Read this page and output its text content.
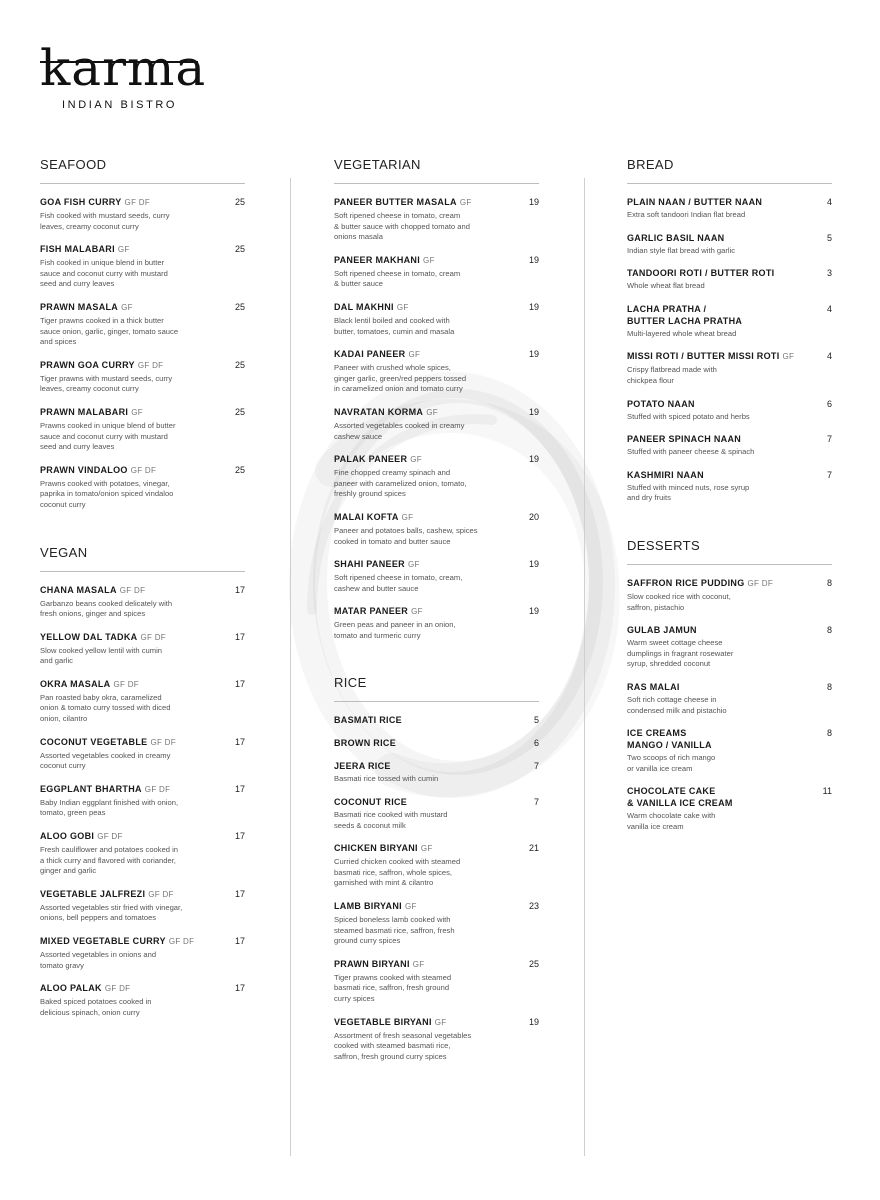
karma
INDIAN BISTRO
SEAFOOD
GOA FISH CURRY GF DF
Fish cooked with mustard seeds, curry
leaves, creamy coconut curry
25
FISH MALABARI GF
Fish cooked in unique blend in butter
sauce and coconut curry with mustard
seed and curry leaves
25
PRAWN MASALA GF
Tiger prawns cooked in a thick butter
sauce onion, garlic, ginger, tomato sauce
and spices
25
PRAWN GOA CURRY GF DF
Tiger prawns with mustard seeds, curry
leaves, creamy coconut curry
25
PRAWN MALABARI GF
Prawns cooked in unique blend of butter
sauce and coconut curry with mustard
seed and curry leaves
25
PRAWN VINDALOO GF DF
Prawns cooked with potatoes, vinegar,
paprika in tomato/onion spiced vindaloo
coconut curry
25
VEGAN
CHANA MASALA GF DF
Garbanzo beans cooked delicately with
fresh onions, ginger and spices
17
YELLOW DAL TADKA GF DF
Slow cooked yellow lentil with cumin
and garlic
17
OKRA MASALA GF DF
Pan roasted baby okra, caramelized
onion & tomato curry tossed with diced
onion, cilantro
17
COCONUT VEGETABLE GF DF
Assorted vegetables cooked in creamy
coconut curry
17
EGGPLANT BHARTHA GF DF
Baby Indian eggplant finished with onion,
tomato, green peas
17
ALOO GOBI GF DF
Fresh cauliflower and potatoes cooked in
a thick curry and flavored with coriander,
ginger and garlic
17
VEGETABLE JALFREZI GF DF
Assorted vegetables stir fried with vinegar,
onions, bell peppers and tomatoes
17
MIXED VEGETABLE CURRY GF DF
Assorted vegetables in onions and
tomato gravy
17
ALOO PALAK GF DF
Baked spiced potatoes cooked in
delicious spinach, onion curry
17
VEGETARIAN
PANEER BUTTER MASALA GF
Soft ripened cheese in tomato, cream
& butter sauce with chopped tomato and
onions masala
19
PANEER MAKHANI GF
Soft ripened cheese in tomato, cream
& butter sauce
19
DAL MAKHNI GF
Black lentil boiled and cooked with
butter, tomatoes, cumin and masala
19
KADAI PANEER GF
Paneer with crushed whole spices,
ginger garlic, green/red peppers tossed
in caramelized onion and tomato curry
19
NAVRATAN KORMA GF
Assorted vegetables cooked in creamy
cashew sauce
19
PALAK PANEER GF
Fine chopped creamy spinach and
paneer with caramelized onion, tomato,
freshly ground spices
19
MALAI KOFTA GF
Paneer and potatoes balls, cashew, spices
cooked in tomato and butter sauce
20
SHAHI PANEER GF
Soft ripened cheese in tomato, cream,
cashew and butter sauce
19
MATAR PANEER GF
Green peas and paneer in an onion,
tomato and turmeric curry
19
RICE
BASMATI RICE	5
BROWN RICE	6
JEERA RICE
Basmati rice tossed with cumin
7
COCONUT RICE
Basmati rice cooked with mustard
seeds & coconut milk
7
CHICKEN BIRYANI GF
Curried chicken cooked with steamed
basmati rice, saffron, whole spices,
garnished with mint & cilantro
21
LAMB BIRYANI GF
Spiced boneless lamb cooked with
steamed basmati rice, saffron, fresh
ground curry spices
23
PRAWN BIRYANI GF
Tiger prawns cooked with steamed
basmati rice, saffron, fresh ground
curry spices
25
VEGETABLE BIRYANI GF
Assortment of fresh seasonal vegetables
cooked with steamed basmati rice,
saffron, fresh ground curry spices
19
BREAD
PLAIN NAAN / BUTTER NAAN
Extra soft tandoori Indian flat bread
4
GARLIC BASIL NAAN
Indian style flat bread with garlic
5
TANDOORI ROTI / BUTTER ROTI
Whole wheat flat bread
3
LACHA PRATHA /
BUTTER LACHA PRATHA
Multi-layered whole wheat bread
4
MISSI ROTI / BUTTER MISSI ROTI GF
Crispy flatbread made with
chickpea flour
4
POTATO NAAN
Stuffed with spiced potato and herbs
6
PANEER SPINACH NAAN
Stuffed with paneer cheese & spinach
7
KASHMIRI NAAN
Stuffed with minced nuts, rose syrup
and dry fruits
7
DESSERTS
SAFFRON RICE PUDDING GF DF
Slow cooked rice with coconut,
saffron, pistachio
8
GULAB JAMUN
Warm sweet cottage cheese
dumplings in fragrant rosewater
syrup, shredded coconut
8
RAS MALAI
Soft rich cottage cheese in
condensed milk and pistachio
8
ICE CREAMS
MANGO / VANILLA
Two scoops of rich mango
or vanilla ice cream
8
CHOCOLATE CAKE
& VANILLA ICE CREAM
Warm chocolate cake with
vanilla ice cream
11
